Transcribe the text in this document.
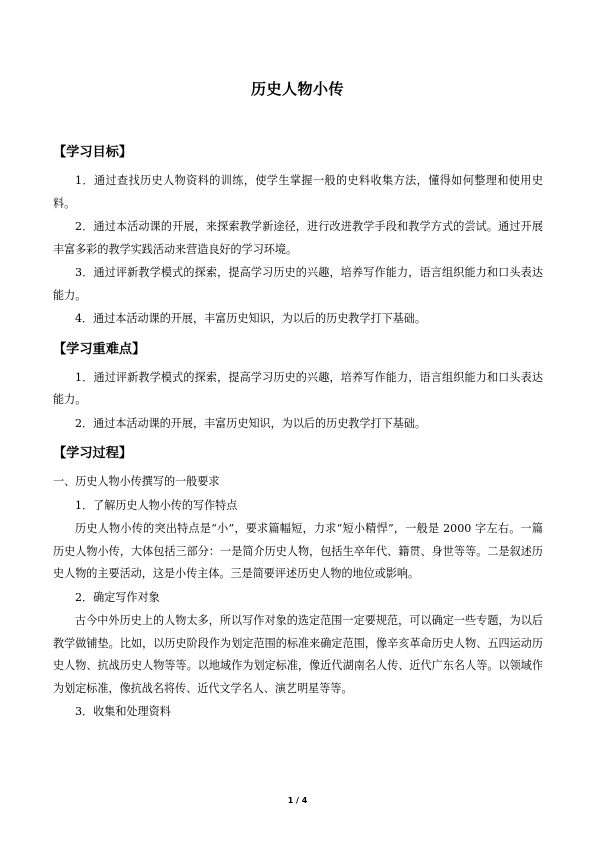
历史人物小传
【学习目标】

1．通过查找历史人物资料的训练，使学生掌握一般的史料收集方法，懂得如何整理和使用史料。

2．通过本活动课的开展，来探索教学新途径，进行改进教学手段和教学方式的尝试。通过开展丰富多彩的教学实践活动来营造良好的学习环境。

3．通过评新教学模式的探索，提高学习历史的兴趣，培养写作能力，语言组织能力和口头表达能力。

4．通过本活动课的开展，丰富历史知识，为以后的历史教学打下基础。

【学习重难点】

1．通过评新教学模式的探索，提高学习历史的兴趣，培养写作能力，语言组织能力和口头表达能力。

2．通过本活动课的开展，丰富历史知识，为以后的历史教学打下基础。

【学习过程】

一、历史人物小传撰写的一般要求

1．了解历史人物小传的写作特点

历史人物小传的突出特点是“小”，要求篇幅短，力求“短小精悍”，一般是 2000 字左右。一篇历史人物小传，大体包括三部分：一是简介历史人物，包括生卒年代、籍贯、身世等等。二是叙述历史人物的主要活动，这是小传主体。三是简要评述历史人物的地位或影响。

2．确定写作对象

古今中外历史上的人物太多，所以写作对象的选定范围一定要规范，可以确定一些专题，为以后教学做铺垫。比如，以历史阶段作为划定范围的标准来确定范围，像辛亥革命历史人物、五四运动历史人物、抗战历史人物等等。以地域作为划定标准，像近代湖南名人传、近代广东名人等。以领域作为划定标准，像抗战名将传、近代文学名人、演艺明星等等。

3．收集和处理资料

1 / 4
